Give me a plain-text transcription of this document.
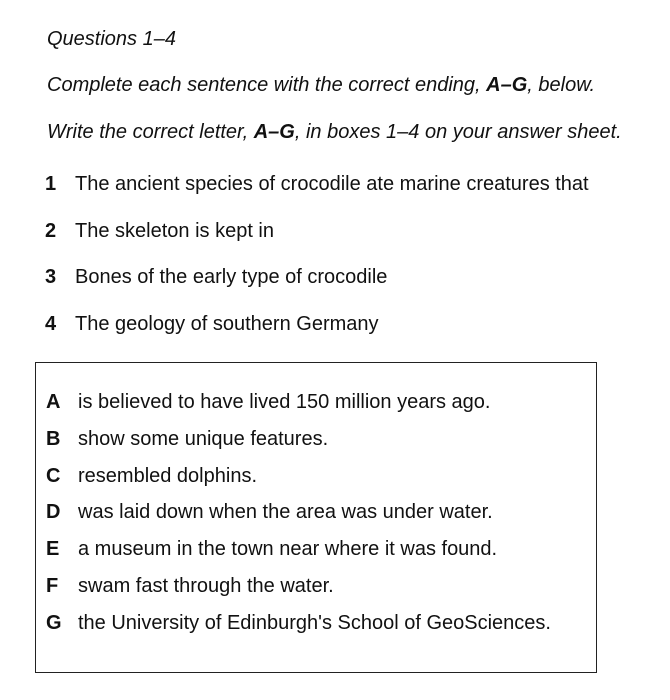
Questions 1–4

Complete each sentence with the correct ending, A–G, below.

Write the correct letter, A–G, in boxes 1–4 on your answer sheet.

1 The ancient species of crocodile ate marine creatures that
2 The skeleton is kept in
3 Bones of the early type of crocodile
4 The geology of southern Germany
A is believed to have lived 150 million years ago.
B show some unique features.
C resembled dolphins.
D was laid down when the area was under water.
E a museum in the town near where it was found.
F swam fast through the water.
G the University of Edinburgh's School of GeoSciences.
